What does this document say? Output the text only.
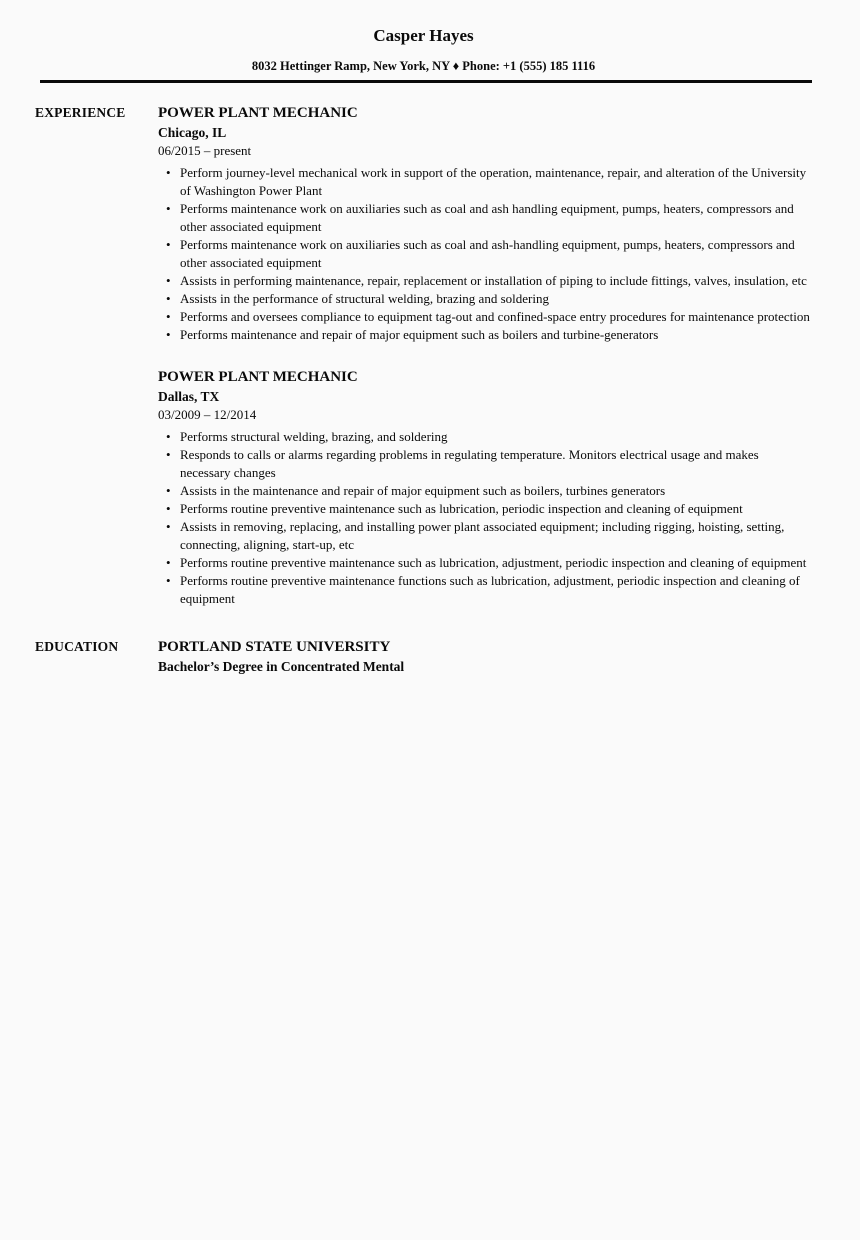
Casper Hayes
8032 Hettinger Ramp, New York, NY ♦ Phone: +1 (555) 185 1116
EXPERIENCE	POWER PLANT MECHANIC
Chicago, IL
06/2015 – present
• Perform journey-level mechanical work in support of the operation, maintenance, repair, and alteration of the University of Washington Power Plant
• Performs maintenance work on auxiliaries such as coal and ash handling equipment, pumps, heaters, compressors and other associated equipment
• Performs maintenance work on auxiliaries such as coal and ash-handling equipment, pumps, heaters, compressors and other associated equipment
• Assists in performing maintenance, repair, replacement or installation of piping to include fittings, valves, insulation, etc
• Assists in the performance of structural welding, brazing and soldering
• Performs and oversees compliance to equipment tag-out and confined-space entry procedures for maintenance protection
• Performs maintenance and repair of major equipment such as boilers and turbine-generators
POWER PLANT MECHANIC
Dallas, TX
03/2009 – 12/2014
• Performs structural welding, brazing, and soldering
• Responds to calls or alarms regarding problems in regulating temperature. Monitors electrical usage and makes necessary changes
• Assists in the maintenance and repair of major equipment such as boilers, turbines generators
• Performs routine preventive maintenance such as lubrication, periodic inspection and cleaning of equipment
• Assists in removing, replacing, and installing power plant associated equipment; including rigging, hoisting, setting, connecting, aligning, start-up, etc
• Performs routine preventive maintenance such as lubrication, adjustment, periodic inspection and cleaning of equipment
• Performs routine preventive maintenance functions such as lubrication, adjustment, periodic inspection and cleaning of equipment
EDUCATION	PORTLAND STATE UNIVERSITY
Bachelor’s Degree in Concentrated Mental
